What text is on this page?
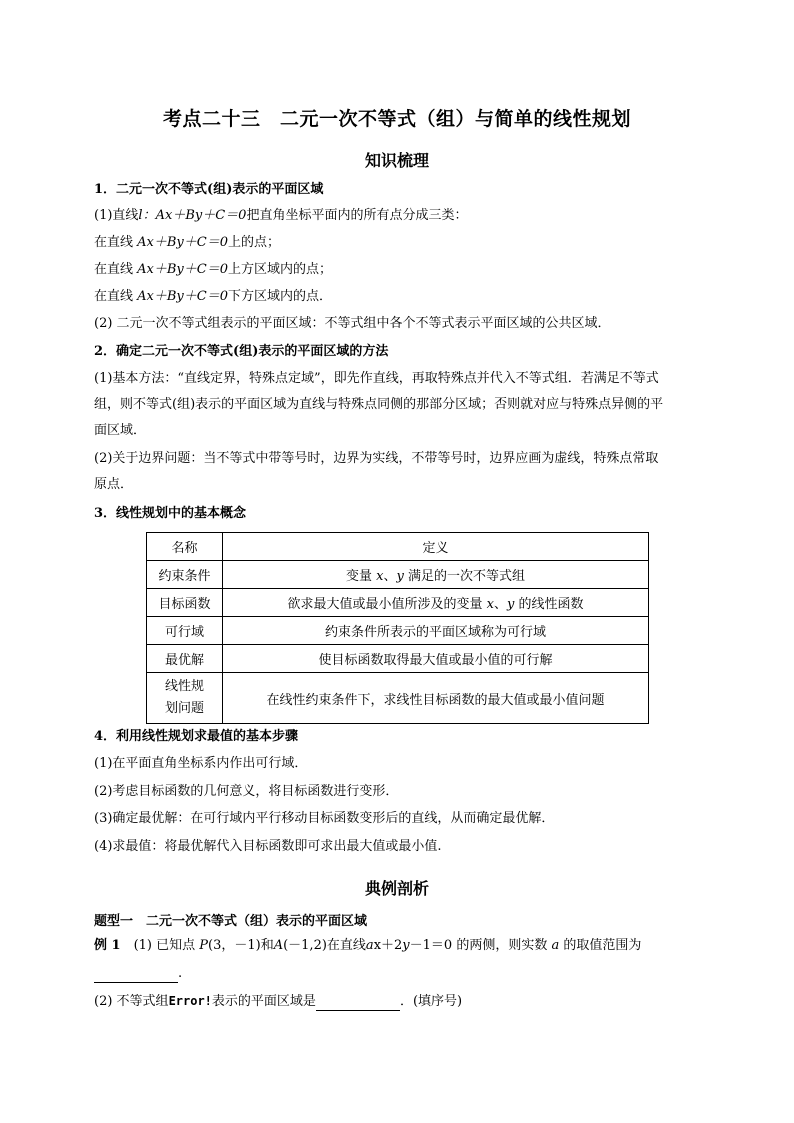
考点二十三　二元一次不等式（组）与简单的线性规划
知识梳理
1．二元一次不等式(组)表示的平面区域
(1)直线l：Ax＋By＋C＝0把直角坐标平面内的所有点分成三类：
在直线 Ax＋By＋C＝0上的点；
在直线 Ax＋By＋C＝0上方区域内的点；
在直线 Ax＋By＋C＝0下方区域内的点．
(2) 二元一次不等式组表示的平面区域：不等式组中各个不等式表示平面区域的公共区域．
2．确定二元一次不等式(组)表示的平面区域的方法
(1)基本方法：“直线定界，特殊点定域”，即先作直线，再取特殊点并代入不等式组．若满足不等式
组，则不等式(组)表示的平面区域为直线与特殊点同侧的那部分区域；否则就对应与特殊点异侧的平
面区域．
(2)关于边界问题：当不等式中带等号时，边界为实线，不带等号时，边界应画为虚线，特殊点常取
原点．
3．线性规划中的基本概念
名称	定义
约束条件	变量 x、y 满足的一次不等式组
目标函数	欲求最大值或最小值所涉及的变量 x、y 的线性函数
可行域	约束条件所表示的平面区域称为可行域
最优解	使目标函数取得最大值或最小值的可行解
线性规
划问题	在线性约束条件下，求线性目标函数的最大值或最小值问题
4．利用线性规划求最值的基本步骤
(1)在平面直角坐标系内作出可行域．
(2)考虑目标函数的几何意义，将目标函数进行变形．
(3)确定最优解：在可行域内平行移动目标函数变形后的直线，从而确定最优解．
(4)求最值：将最优解代入目标函数即可求出最大值或最小值.
典例剖析
题型一　二元一次不等式（组）表示的平面区域
例 1　(1) 已知点 P(3，－1)和A(－1,2)在直线ax＋2y－1＝0 的两侧，则实数 a 的取值范围为
.
(2) 不等式组Error!表示的平面区域是	．(填序号)
